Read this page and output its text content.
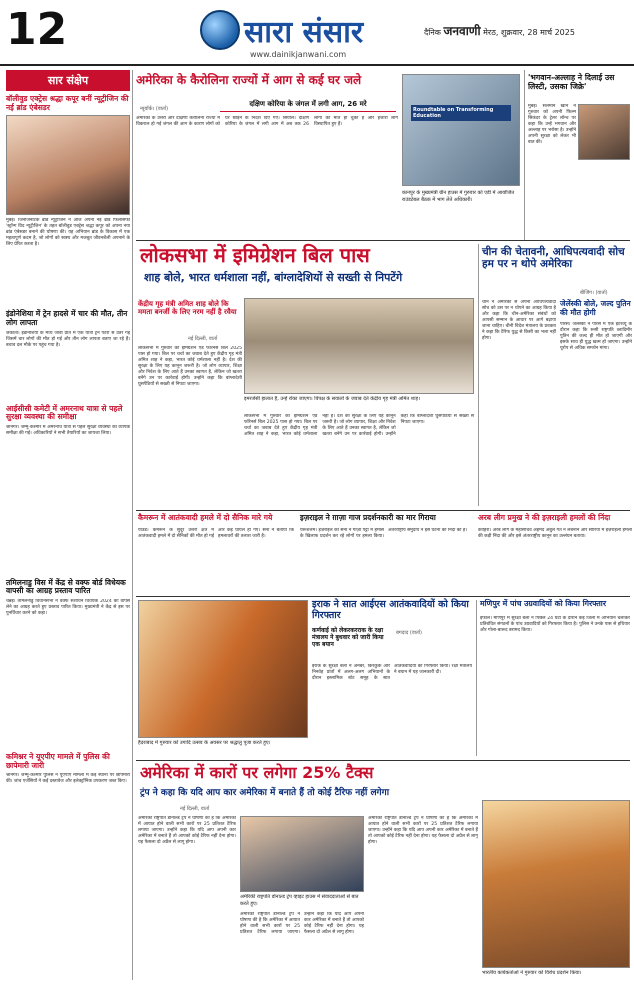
12	सारा संसार
www.dainikjanwani.com
दैनिक जनवाणी मेरठ, शुक्रवार, 28 मार्च 2025
सार संक्षेप
बॉलीवुड एक्ट्रेस श्रद्धा कपूर बनीं न्यूट्रीजिन की नई ब्रांड एंबेसडर
मुंबई। जिनजिनेटिक ब्रांड न्यूट्रीजिन ने आज अपनी नई ब्रांड फिलॉसफी 'स्ट्रॉन्ग विद न्यूट्रीजिन' के तहत बॉलीवुड एक्ट्रेस श्रद्धा कपूर को अपना नया ब्रांड एंबेसडर बनाने की घोषणा की। यह अभियान ब्रांड के विकास में एक महत्वपूर्ण कदम है, जो लोगों को स्वस्थ और मजबूत जीवनशैली अपनाने के लिए प्रेरित करता है।
इंडोनेशिया में ट्रेन हादसे में चार की मौत, तीन लोग लापता
जकार्ता। इंडोनेशिया के मध्य जावा प्रांत में एक यात्री ट्रेन पटरी से उतर गई जिसमें चार लोगों की मौत हो गई और तीन लोग लापता बताए जा रहे हैं। बचाव दल मौके पर पहुंच गया है।
आईसीसी कमेटी में अमरनाथ यात्रा से पहले सुरक्षा व्यवस्था की समीक्षा
श्रीनगर। जम्मू-कश्मीर में अमरनाथ यात्रा से पहले सुरक्षा व्यवस्था की व्यापक समीक्षा की गई। अधिकारियों ने सभी तैयारियों का जायजा लिया।
तमिलनाडु विस में केंद्र से वक्फ बोर्ड विधेयक वापसी का आग्रह प्रस्ताव पारित
चेन्नई। तमिलनाडु विधानसभा ने वक्फ संशोधन विधेयक 2024 को वापस लेने का आग्रह करते हुए प्रस्ताव पारित किया। मुख्यमंत्री ने केंद्र से इस पर पुनर्विचार करने को कहा।
कमिश्नर ने यूएपीए मामले में पुलिस की छापेमारी जारी
श्रीनगर। जम्मू-कश्मीर पुलिस ने यूएपीए मामलों में कई स्थानों पर छापेमारी की। जांच एजेंसियों ने कई दस्तावेज और इलेक्ट्रॉनिक उपकरण जब्त किए।
अमेरिका के कैरोलिना राज्यों में आग से कई घर जले
न्यूयॉर्क। (वार्ता)
दक्षिण कोरिया के जंगल में लगी आग, 26 मरे
अमेरिका के उत्तरी और दक्षिणी कैरोलिना राज्यों में विकराल हो गई जंगल की आग के कारण लोगों को घर छोड़ने के निर्देश दिए गए। सियोल। दक्षिण कोरिया के जंगल में लगी आग में अब तक 26 लोगों की मौत हो चुकी है और हजारों लोग विस्थापित हुए हैं।
Roundtable on Transforming Education
कानपुर के मुख्यमंत्री ग्रीन हाउस में गुरुवार को एडी में आयोजित राउंडटेबल बैठक में भाग लेते अधिकारी।
'भगवान-अल्लाह ने दिलाई उस लिस्टी, उसका जिक्रे'
मुंबई। सलमान खान ने गुरुवार को अपनी फिल्म सिकंदर के ट्रेलर लॉन्च पर कहा कि उन्हें भगवान और अल्लाह पर भरोसा है। उन्होंने अपनी सुरक्षा को लेकर भी बात की।
लोकसभा में इमिग्रेशन बिल पास
शाह बोले, भारत धर्मशाला नहीं, बांग्लादेशियों से सख्ती से निपटेंगे
केंद्रीय गृह मंत्री अमित शाह बोले कि ममता बनर्जी के लिए नरम नहीं है रवैया
नई दिल्ली, वार्ता
लोकसभा में गुरुवार को इमिग्रेशन एंड फॉरेनर्स बिल 2025 पास हो गया। बिल पर चर्चा का जवाब देते हुए केंद्रीय गृह मंत्री अमित शाह ने कहा, भारत कोई धर्मशाला नहीं है। देश की सुरक्षा के लिए यह कानून जरूरी है। जो लोग व्यापार, शिक्षा और निवेश के लिए आते हैं उनका स्वागत है, लेकिन जो खतरा बनेंगे उन पर कार्रवाई होगी। उन्होंने कहा कि बांग्लादेशी घुसपैठियों से सख्ती से निपटा जाएगा।
इमरजेंसी हालात है, उन्हें रोका जाएगा। विपक्ष के सवालों के जवाब देते केंद्रीय गृह मंत्री अमित शाह।
लोकसभा में गुरुवार को इमिग्रेशन एंड फॉरेनर्स बिल 2025 पास हो गया। बिल पर चर्चा का जवाब देते हुए केंद्रीय गृह मंत्री अमित शाह ने कहा, भारत कोई धर्मशाला नहीं है। देश की सुरक्षा के लिए यह कानून जरूरी है। जो लोग व्यापार, शिक्षा और निवेश के लिए आते हैं उनका स्वागत है, लेकिन जो खतरा बनेंगे उन पर कार्रवाई होगी। उन्होंने कहा कि बांग्लादेशी घुसपैठियों से सख्ती से निपटा जाएगा।
चीन की चेतावनी, आधिपत्यवादी सोच हम पर न थोपे अमेरिका
बीजिंग। (वार्ता)
चीन ने अमेरिका से अपनी आधिपत्यवादी सोच को उस पर न थोपने का आग्रह किया है और कहा कि चीन-अमेरिका संबंधों को आपसी सम्मान के आधार पर आगे बढ़ाया जाना चाहिए। चीनी विदेश मंत्रालय के प्रवक्ता ने कहा कि टैरिफ युद्ध से किसी का भला नहीं होगा।
जेलेंस्की बोले, जल्द पुतिन की मौत होगी
पेरिस। जेलेंस्की ने पेरिस में एक इंटरव्यू के दौरान कहा कि रूसी राष्ट्रपति व्लादिमीर पुतिन की जल्द ही मौत हो जाएगी और इसके साथ ही युद्ध खत्म हो जाएगा। उन्होंने यूरोप से अधिक समर्थन मांगा।
कैमरून में आतंकवादी हमले में दो सैनिक मारे गये
याउंडे। कैमरून के सुदूर उत्तरी क्षेत्र में आतंकवादी हमले में दो सैनिकों की मौत हो गई और कई घायल हो गए। सेना ने बताया कि हमलावरों की तलाश जारी है।
इज़राइल ने ग़ाज़ा गाज प्रदर्शनकारी का मार गिराया
यरूशलम। इज़राइल की सेना ने गाज़ा पट्टी में हमास के खिलाफ प्रदर्शन कर रहे लोगों पर हमला किया। अंतरराष्ट्रीय समुदाय ने इस घटना की निंदा की है।
अरब लीग प्रमुख ने की इज़राइली हमलों की निंदा
काहिरा। अरब लीग के महासचिव अहमद अबुल गैत ने लेबनान और सीरिया में इज़राइली हमलों की कड़ी निंदा की और इसे अंतरराष्ट्रीय कानून का उल्लंघन बताया।
इराक ने सात आईएस आतंकवादियों को किया गिरफ्तार
कर्णवाई को लेकरकरराक के रक्षा मंत्रालय ने बुधवार को जारी किया एक बयान
बगदाद (वार्ता)
इराक के सुरक्षा बलों ने अनबर, किरकुक और निनवेह प्रांतों में अलग-अलग अभियानों के दौरान इस्लामिक स्टेट समूह के सात आतंकवादियों को गिरफ्तार किया। रक्षा मंत्रालय ने बयान में यह जानकारी दी।
हैदराबाद में गुरुवार को उगादि उत्सव के अवसर पर श्रद्धालु पूजा करते हुए।
मणिपुर में पांच उग्रवादियों को किया गिरफ्तार
इंफाल। मणिपुर में सुरक्षा बलों ने पिछले 24 घंटों के दौरान कई जिलों में अभियान चलाकर प्रतिबंधित संगठनों के पांच उग्रवादियों को गिरफ्तार किया है। पुलिस ने उनके पास से हथियार और गोला-बारूद बरामद किया।
अमेरिका में कारों पर लगेगा 25% टैक्स
ट्रंप ने कहा कि यदि आप कार अमेरिका में बनाते हैं तो कोई टैरिफ नहीं लगेगा
नई दिल्ली, वार्ता
अमेरिकी राष्ट्रपति डोनाल्ड ट्रंप ने घोषणा की है कि अमेरिका में आयात होने वाली सभी कारों पर 25 प्रतिशत टैरिफ लगाया जाएगा। उन्होंने कहा कि यदि आप अपनी कार अमेरिका में बनाते हैं तो आपको कोई टैरिफ नहीं देना होगा। यह फैसला दो अप्रैल से लागू होगा।
अमेरिकी राष्ट्रपति डोनाल्ड ट्रंप व्हाइट हाउस में संवाददाताओं से बात करते हुए।
अमेरिकी राष्ट्रपति डोनाल्ड ट्रंप ने घोषणा की है कि अमेरिका में आयात होने वाली सभी कारों पर 25 प्रतिशत टैरिफ लगाया जाएगा। उन्होंने कहा कि यदि आप अपनी कार अमेरिका में बनाते हैं तो आपको कोई टैरिफ नहीं देना होगा। यह फैसला दो अप्रैल से लागू होगा।
अमेरिकी राष्ट्रपति डोनाल्ड ट्रंप ने घोषणा की है कि अमेरिका में आयात होने वाली सभी कारों पर 25 प्रतिशत टैरिफ लगाया जाएगा। उन्होंने कहा कि यदि आप अपनी कार अमेरिका में बनाते हैं तो आपको कोई टैरिफ नहीं देना होगा। यह फैसला दो अप्रैल से लागू होगा।
भारतीय कार्यकर्ताओं ने गुरुवार को विरोध प्रदर्शन किया।
